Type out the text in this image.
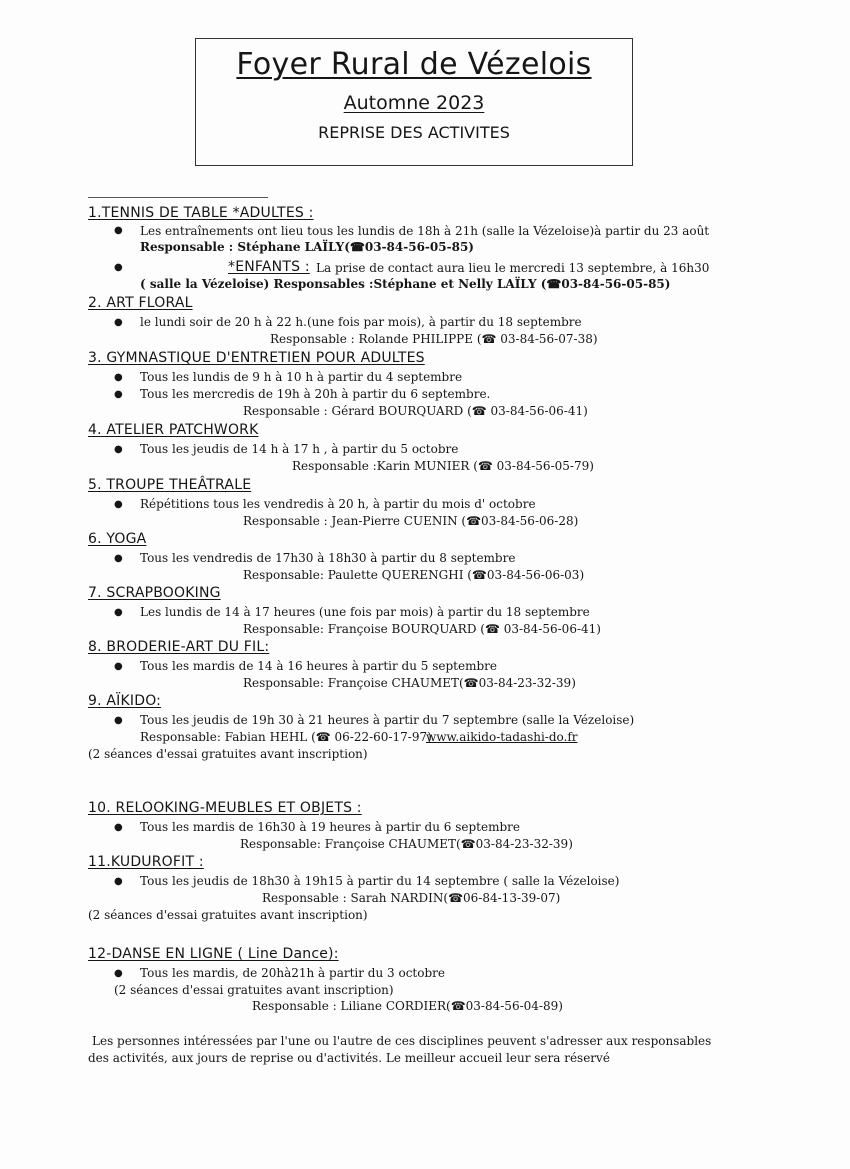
Foyer Rural de Vézelois
Automne 2023
REPRISE DES ACTIVITES
1.TENNIS DE TABLE *ADULTES :
● Les entraînements ont lieu tous les lundis de 18h à 21h (salle la Vézeloise)à partir du 23 août
Responsable : Stéphane LAÏLY(☎03-84-56-05-85)
●	*ENFANTS : La prise de contact aura lieu le mercredi 13 septembre, à 16h30
( salle la Vézeloise) Responsables :Stéphane et Nelly LAÏLY (☎03-84-56-05-85)
2. ART FLORAL
● le lundi soir de 20 h à 22 h.(une fois par mois), à partir du 18 septembre
Responsable : Rolande PHILIPPE (☎ 03-84-56-07-38)
3. GYMNASTIQUE D'ENTRETIEN POUR ADULTES
● Tous les lundis de 9 h à 10 h à partir du 4 septembre
● Tous les mercredis de 19h à 20h à partir du 6 septembre.
Responsable : Gérard BOURQUARD (☎ 03-84-56-06-41)
4. ATELIER PATCHWORK
● Tous les jeudis de 14 h à 17 h , à partir du 5 octobre
Responsable :Karin MUNIER (☎ 03-84-56-05-79)
5. TROUPE THEÂTRALE
● Répétitions tous les vendredis à 20 h, à partir du mois d' octobre
Responsable : Jean-Pierre CUENIN (☎03-84-56-06-28)
6. YOGA
● Tous les vendredis de 17h30 à 18h30 à partir du 8 septembre
Responsable: Paulette QUERENGHI (☎03-84-56-06-03)
7. SCRAPBOOKING
● Les lundis de 14 à 17 heures (une fois par mois) à partir du 18 septembre
Responsable: Françoise BOURQUARD (☎ 03-84-56-06-41)
8. BRODERIE-ART DU FIL:
● Tous les mardis de 14 à 16 heures à partir du 5 septembre
Responsable: Françoise CHAUMET(☎03-84-23-32-39)
9. AÏKIDO:
● Tous les jeudis de 19h 30 à 21 heures à partir du 7 septembre (salle la Vézeloise)
Responsable: Fabian HEHL (☎ 06-22-60-17-97)
www.aikido-tadashi-do.fr
(2 séances d'essai gratuites avant inscription)
10. RELOOKING-MEUBLES ET OBJETS :
● Tous les mardis de 16h30 à 19 heures à partir du 6 septembre
Responsable: Françoise CHAUMET(☎03-84-23-32-39)
11.KUDUROFIT :
● Tous les jeudis de 18h30 à 19h15 à partir du 14 septembre ( salle la Vézeloise)
Responsable : Sarah NARDIN(☎06-84-13-39-07)
(2 séances d'essai gratuites avant inscription)
12-DANSE EN LIGNE ( Line Dance):
● Tous les mardis, de 20hà21h à partir du 3 octobre
(2 séances d'essai gratuites avant inscription)
Responsable : Liliane CORDIER(☎03-84-56-04-89)
Les personnes intéressées par l'une ou l'autre de ces disciplines peuvent s'adresser aux responsables
des activités, aux jours de reprise ou d'activités. Le meilleur accueil leur sera réservé
